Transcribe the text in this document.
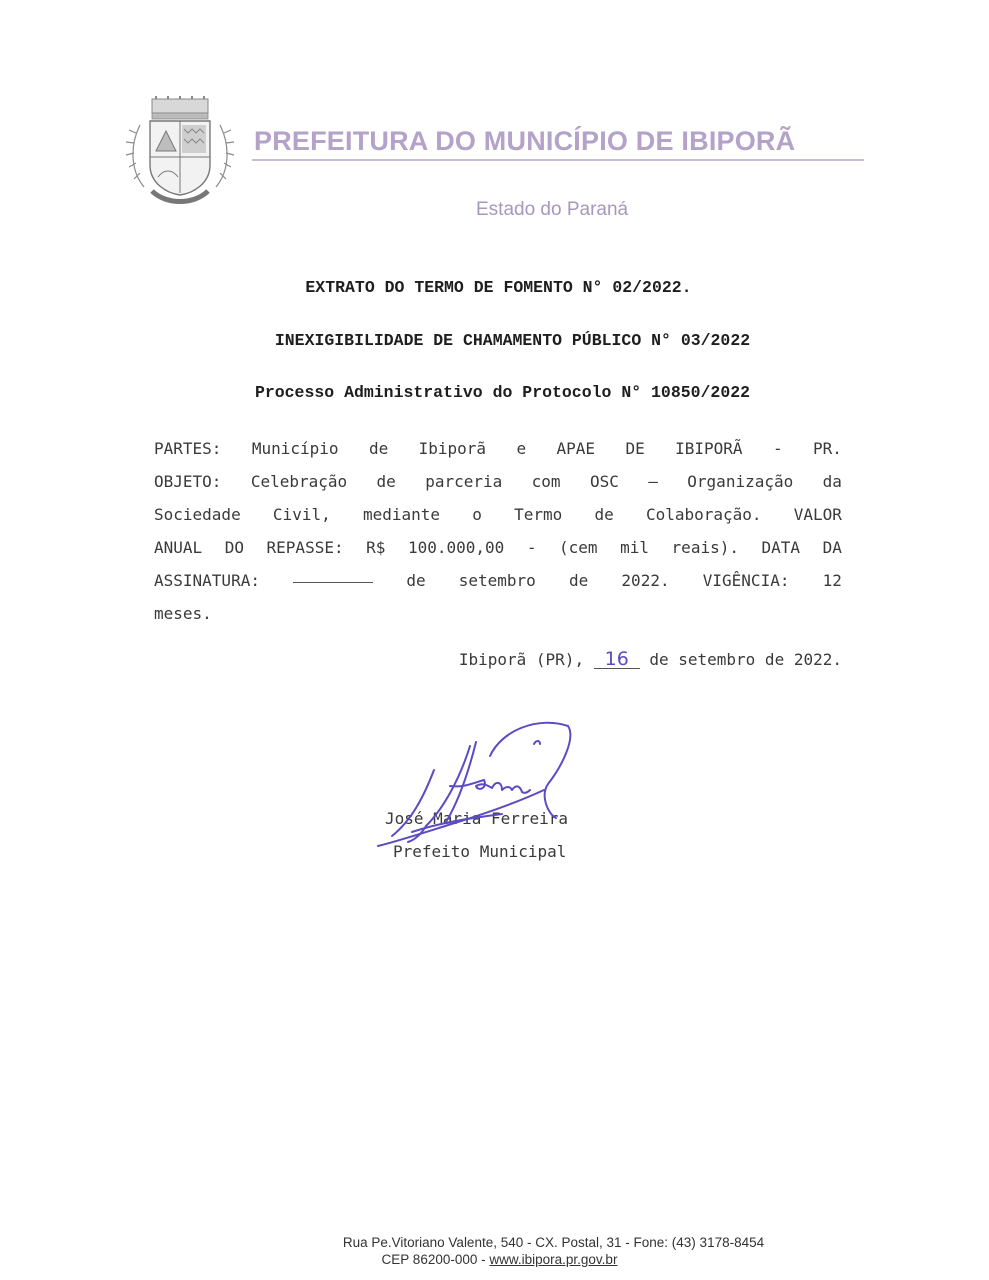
PREFEITURA DO MUNICÍPIO DE IBIPORÃ
Estado do Paraná
EXTRATO DO TERMO DE FOMENTO N° 02/2022.
INEXIGIBILIDADE DE CHAMAMENTO PÚBLICO N° 03/2022
Processo Administrativo do Protocolo N° 10850/2022
PARTES: Município de Ibiporã e APAE DE IBIPORÃ - PR.
OBJETO: Celebração de parceria com OSC – Organização da
Sociedade Civil, mediante o Termo de Colaboração. VALOR
ANUAL DO REPASSE: R$ 100.000,00 - (cem mil reais). DATA DA
ASSINATURA:	de setembro de 2022. VIGÊNCIA: 12
meses.
Ibiporã (PR), 16 de setembro de 2022.
José Maria Ferreira
Prefeito Municipal
Rua Pe.Vitoriano Valente, 540 - CX. Postal, 31 - Fone: (43) 3178-8454
CEP 86200-000 - www.ibipora.pr.gov.br
